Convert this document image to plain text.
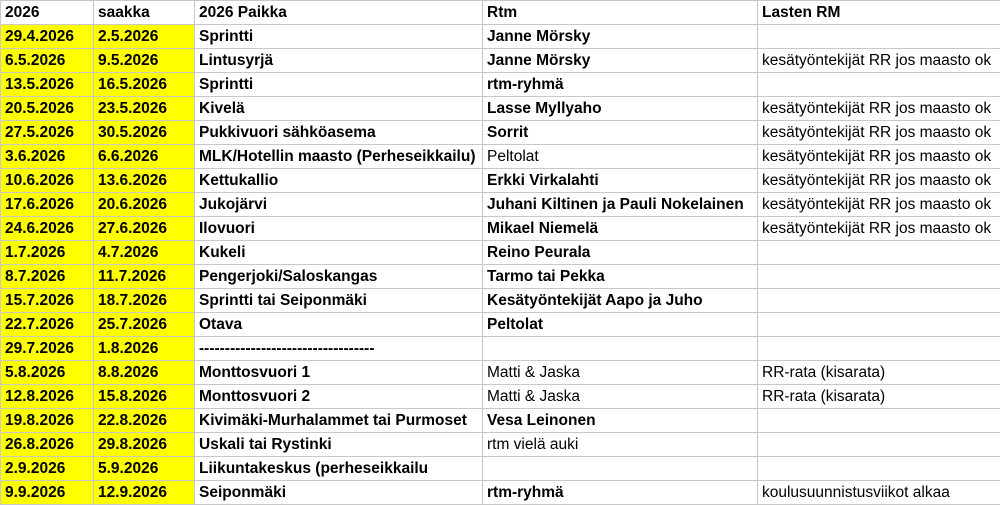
2026	saakka	2026 Paikka	Rtm	Lasten RM
29.4.2026	2.5.2026	Sprintti	Janne Mörsky	
6.5.2026	9.5.2026	Lintusyrjä	Janne Mörsky	kesätyöntekijät RR jos maasto ok
13.5.2026	16.5.2026	Sprintti	rtm-ryhmä	
20.5.2026	23.5.2026	Kivelä	Lasse Myllyaho	kesätyöntekijät RR jos maasto ok
27.5.2026	30.5.2026	Pukkivuori sähköasema	Sorrit	kesätyöntekijät RR jos maasto ok
3.6.2026	6.6.2026	MLK/Hotellin maasto (Perheseikkailu)	Peltolat	kesätyöntekijät RR jos maasto ok
10.6.2026	13.6.2026	Kettukallio	Erkki Virkalahti	kesätyöntekijät RR jos maasto ok
17.6.2026	20.6.2026	Jukojärvi	Juhani Kiltinen ja Pauli Nokelainen	kesätyöntekijät RR jos maasto ok
24.6.2026	27.6.2026	Ilovuori	Mikael Niemelä	kesätyöntekijät RR jos maasto ok
1.7.2026	4.7.2026	Kukeli	Reino Peurala	
8.7.2026	11.7.2026	Pengerjoki/Saloskangas	Tarmo tai Pekka	
15.7.2026	18.7.2026	Sprintti tai Seiponmäki	Kesätyöntekijät Aapo ja Juho	
22.7.2026	25.7.2026	Otava	Peltolat	
29.7.2026	1.8.2026	----------------------------------		
5.8.2026	8.8.2026	Monttosvuori 1	Matti & Jaska	RR-rata (kisarata)
12.8.2026	15.8.2026	Monttosvuori 2	Matti & Jaska	RR-rata (kisarata)
19.8.2026	22.8.2026	Kivimäki-Murhalammet tai Purmoset	Vesa Leinonen	
26.8.2026	29.8.2026	Uskali tai Rystinki	rtm vielä auki	
2.9.2026	5.9.2026	Liikuntakeskus (perheseikkailu		
9.9.2026	12.9.2026	Seiponmäki	rtm-ryhmä	koulusuunnistusviikot alkaa
